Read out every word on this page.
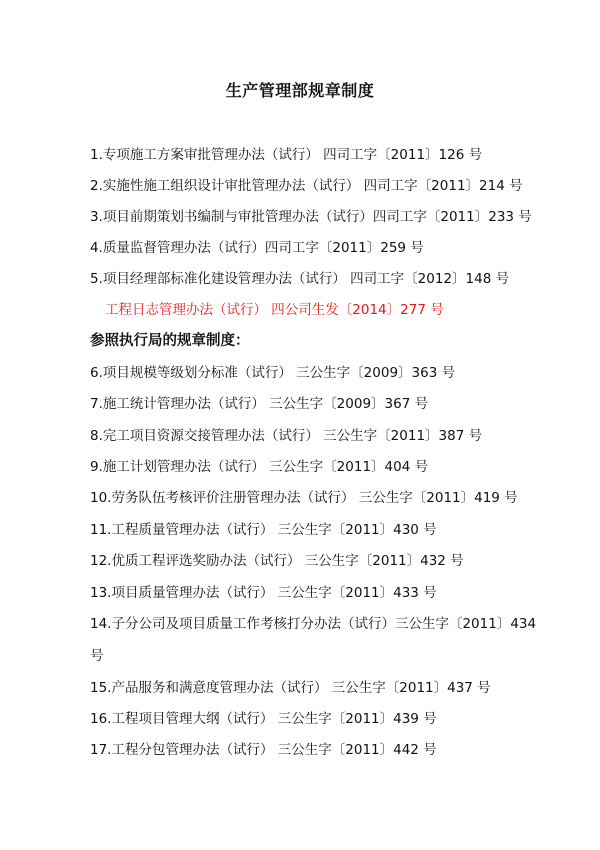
生产管理部规章制度
1.专项施工方案审批管理办法（试行） 四司工字〔2011〕126 号
2.实施性施工组织设计审批管理办法（试行） 四司工字〔2011〕214 号
3.项目前期策划书编制与审批管理办法（试行）四司工字〔2011〕233 号
4.质量监督管理办法（试行）四司工字〔2011〕259 号
5.项目经理部标准化建设管理办法（试行） 四司工字〔2012〕148 号
工程日志管理办法（试行） 四公司生发〔2014〕277 号
参照执行局的规章制度：
6.项目规模等级划分标准（试行） 三公生字〔2009〕363 号
7.施工统计管理办法（试行） 三公生字〔2009〕367 号
8.完工项目资源交接管理办法（试行） 三公生字〔2011〕387 号
9.施工计划管理办法（试行） 三公生字〔2011〕404 号
10.劳务队伍考核评价注册管理办法（试行） 三公生字〔2011〕419 号
11.工程质量管理办法（试行） 三公生字〔2011〕430 号
12.优质工程评选奖励办法（试行） 三公生字〔2011〕432 号
13.项目质量管理办法（试行） 三公生字〔2011〕433 号
14.子分公司及项目质量工作考核打分办法（试行）三公生字〔2011〕434
号
15.产品服务和满意度管理办法（试行） 三公生字〔2011〕437 号
16.工程项目管理大纲（试行） 三公生字〔2011〕439 号
17.工程分包管理办法（试行） 三公生字〔2011〕442 号
